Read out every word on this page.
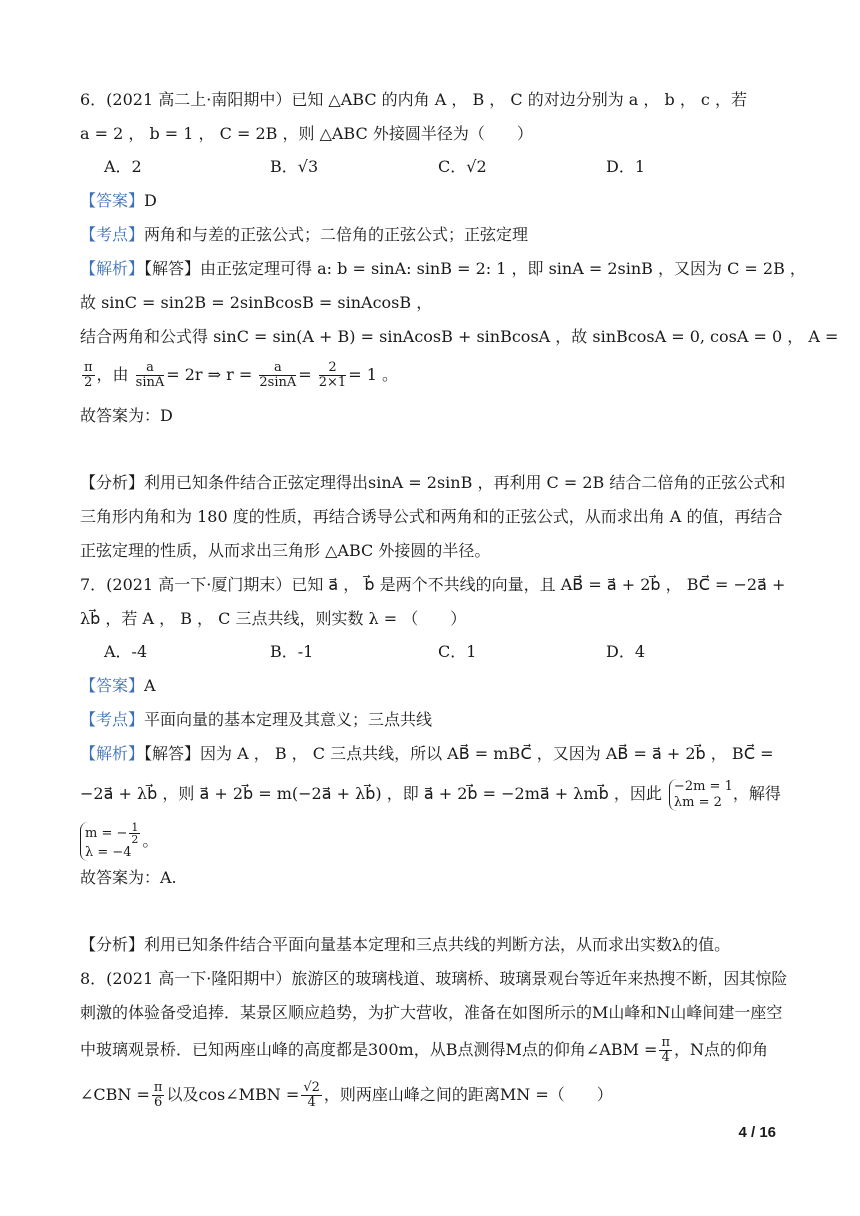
6．(2021 高二上·南阳期中）已知 △ABC 的内角 A ， B ， C 的对边分别为 a ， b ， c ，若
a = 2 ， b = 1 ， C = 2B ，则 △ABC 外接圆半径为（　　）
A．2	B．√3	C．√2	D．1
【答案】D
【考点】两角和与差的正弦公式；二倍角的正弦公式；正弦定理
【解析】【解答】由正弦定理可得 a: b = sinA: sinB = 2: 1 ，即 sinA = 2sinB ，又因为 C = 2B ，
故 sinC = sin2B = 2sinBcosB = sinAcosB ，
结合两角和公式得 sinC = sin(A + B) = sinAcosB + sinBcosA ，故 sinBcosA = 0, cosA = 0 ， A =
$\frac{\pi}{2}$ ，由 $\frac{a}{\sin A} = 2r$ ⇒ $r = \frac{a}{2\sin A} = \frac{2}{2\times 1} = 1$ 。
故答案为：D
【分析】利用已知条件结合正弦定理得出sinA = 2sinB ，再利用 C = 2B 结合二倍角的正弦公式和
三角形内角和为 180 度的性质，再结合诱导公式和两角和的正弦公式，从而求出角 A 的值，再结合
正弦定理的性质，从而求出三角形 △ABC 外接圆的半径。
7．(2021 高一下·厦门期末）已知 a⃗ ， b⃗ 是两个不共线的向量，且 AB⃗ = a⃗ + 2b⃗ ， BC⃗ = −2a⃗ +
λb⃗ ，若 A ， B ， C 三点共线，则实数 λ = （　　）
A．-4	B．-1	C．1	D．4
【答案】A
【考点】平面向量的基本定理及其意义；三点共线
【解析】【解答】因为 A ， B ， C 三点共线，所以 AB⃗ = mBC⃗ ，又因为 AB⃗ = a⃗ + 2b⃗ ， BC⃗ =
−2a⃗ + λb⃗ ，则 a⃗ + 2b⃗ = m(−2a⃗ + λb⃗) ，即 a⃗ + 2b⃗ = −2ma⃗ + λmb⃗ ，因此 −2m = 1
λm = 2 ，解得
m = − $\frac{1}{2}$
λ = −4
。
故答案为：A.
【分析】利用已知条件结合平面向量基本定理和三点共线的判断方法，从而求出实数λ的值。
8．(2021 高一下·隆阳期中）旅游区的玻璃栈道、玻璃桥、玻璃景观台等近年来热搜不断，因其惊险
刺激的体验备受追捧．某景区顺应趋势，为扩大营收，准备在如图所示的M山峰和N山峰间建一座空
中玻璃观景桥．已知两座山峰的高度都是300m，从B点测得M点的仰角∠ABM = $\frac{\pi}{4}$ ，N点的仰角
∠CBN = $\frac{\pi}{6}$ 以及cos∠MBN = $\frac{√2}{4}$ ，则两座山峰之间的距离MN =（　　）
4 / 16
